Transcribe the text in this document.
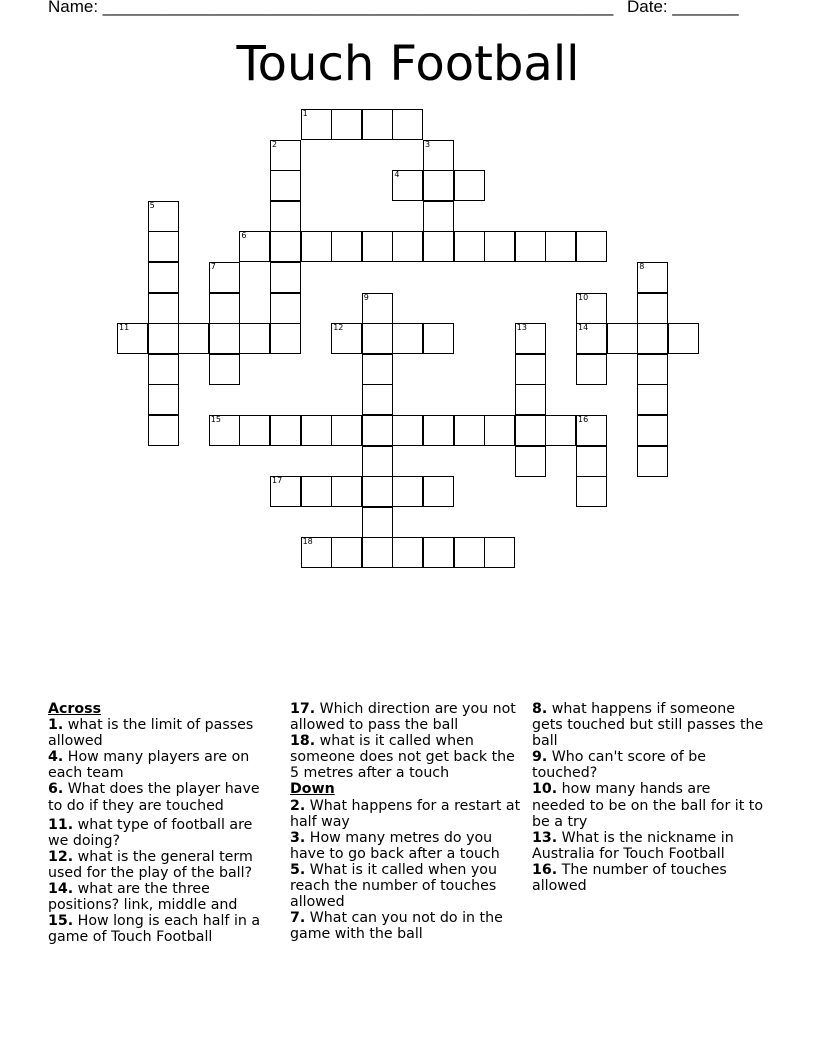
Name: ______________________________________________________ Date: _______
Touch Football
1
4
6
11	12	14
15	16
17
18
2	3
5
7	8
9	10
13
Across
1. what is the limit of passes allowed
4. How many players are on each team
6. What does the player have to do if they are touched
11. what type of football are we doing?
12. what is the general term used for the play of the ball?
14. what are the three positions? link, middle and
15. How long is each half in a game of Touch Football
17. Which direction are you not allowed to pass the ball
18. what is it called when someone does not get back the 5 metres after a touch
Down
2. What happens for a restart at half way
3. How many metres do you have to go back after a touch
5. What is it called when you reach the number of touches allowed
7. What can you not do in the game with the ball
8. what happens if someone gets touched but still passes the ball
9. Who can't score of be touched?
10. how many hands are needed to be on the ball for it to be a try
13. What is the nickname in Australia for Touch Football
16. The number of touches allowed
